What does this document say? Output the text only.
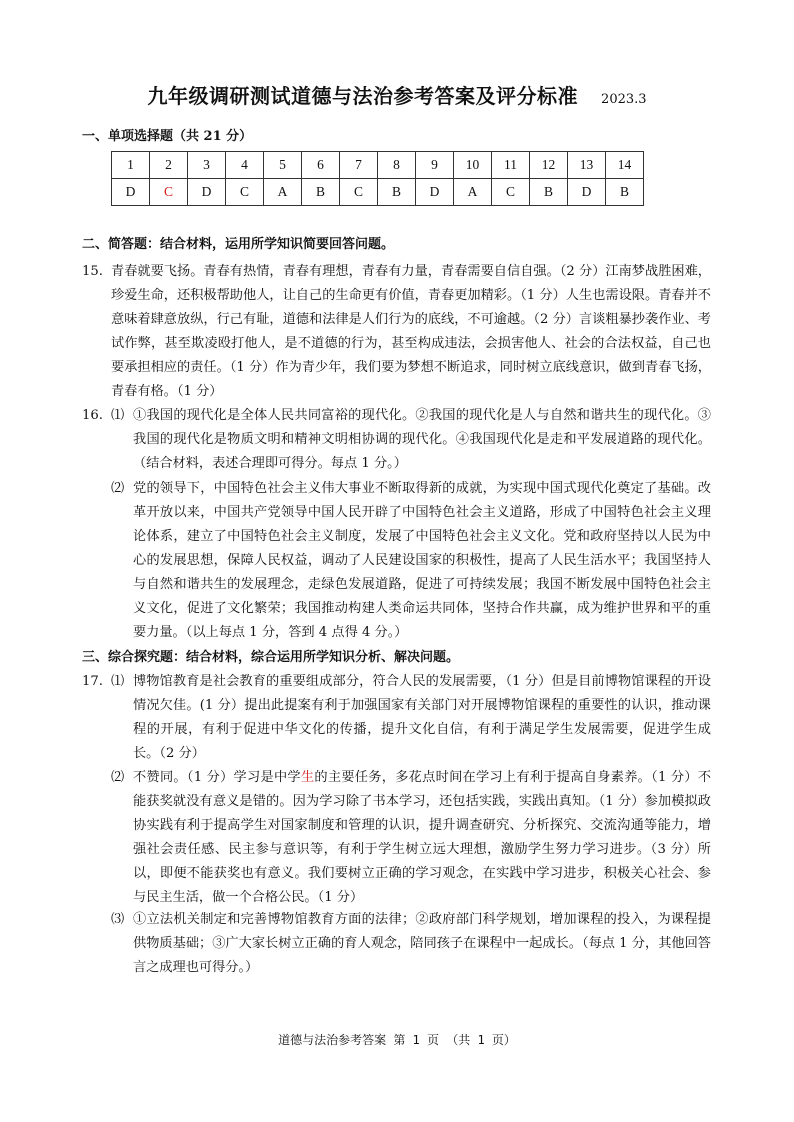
九年级调研测试道德与法治参考答案及评分标准 2023.3
一、单项选择题（共 21 分）
1	2	3	4	5	6	7	8	9	10	11	12	13	14
D	C	D	C	A	B	C	B	D	A	C	B	D	B
二、简答题：结合材料，运用所学知识简要回答问题。
15. 青春就要飞扬。青春有热情，青春有理想，青春有力量，青春需要自信自强。（2 分）江南梦战胜困难，珍爱生命，还积极帮助他人，让自己的生命更有价值，青春更加精彩。（1 分）人生也需设限。青春并不意味着肆意放纵，行己有耻，道德和法律是人们行为的底线，不可逾越。（2 分）言谈粗暴抄袭作业、考试作弊，甚至欺凌殴打他人，是不道德的行为，甚至构成违法，会损害他人、社会的合法权益，自己也要承担相应的责任。（1 分）作为青少年，我们要为梦想不断追求，同时树立底线意识，做到青春飞扬，青春有格。（1 分）
16. ⑴ ①我国的现代化是全体人民共同富裕的现代化。②我国的现代化是人与自然和谐共生的现代化。③我国的现代化是物质文明和精神文明相协调的现代化。④我国现代化是走和平发展道路的现代化。（结合材料，表述合理即可得分。每点 1 分。）
⑵ 党的领导下，中国特色社会主义伟大事业不断取得新的成就，为实现中国式现代化奠定了基础。改革开放以来，中国共产党领导中国人民开辟了中国特色社会主义道路，形成了中国特色社会主义理论体系，建立了中国特色社会主义制度，发展了中国特色社会主义文化。党和政府坚持以人民为中心的发展思想，保障人民权益，调动了人民建设国家的积极性，提高了人民生活水平；我国坚持人与自然和谐共生的发展理念，走绿色发展道路，促进了可持续发展；我国不断发展中国特色社会主义文化，促进了文化繁荣；我国推动构建人类命运共同体，坚持合作共赢，成为维护世界和平的重要力量。（以上每点 1 分，答到 4 点得 4 分。）
三、综合探究题：结合材料，综合运用所学知识分析、解决问题。
17. ⑴ 博物馆教育是社会教育的重要组成部分，符合人民的发展需要，（1 分）但是目前博物馆课程的开设情况欠佳。(1 分）提出此提案有利于加强国家有关部门对开展博物馆课程的重要性的认识，推动课程的开展，有利于促进中华文化的传播，提升文化自信，有利于满足学生发展需要，促进学生成长。（2 分）
⑵ 不赞同。（1 分）学习是中学生的主要任务，多花点时间在学习上有利于提高自身素养。（1 分）不能获奖就没有意义是错的。因为学习除了书本学习，还包括实践，实践出真知。（1 分）参加模拟政协实践有利于提高学生对国家制度和管理的认识，提升调查研究、分析探究、交流沟通等能力，增强社会责任感、民主参与意识等，有利于学生树立远大理想，激励学生努力学习进步。（3 分）所以，即便不能获奖也有意义。我们要树立正确的学习观念，在实践中学习进步，积极关心社会、参与民主生活，做一个合格公民。（1 分）
⑶ ①立法机关制定和完善博物馆教育方面的法律；②政府部门科学规划，增加课程的投入，为课程提供物质基础；③广大家长树立正确的育人观念，陪同孩子在课程中一起成长。（每点 1 分，其他回答言之成理也可得分。）
道德与法治参考答案 第 1 页 （共 1 页）
